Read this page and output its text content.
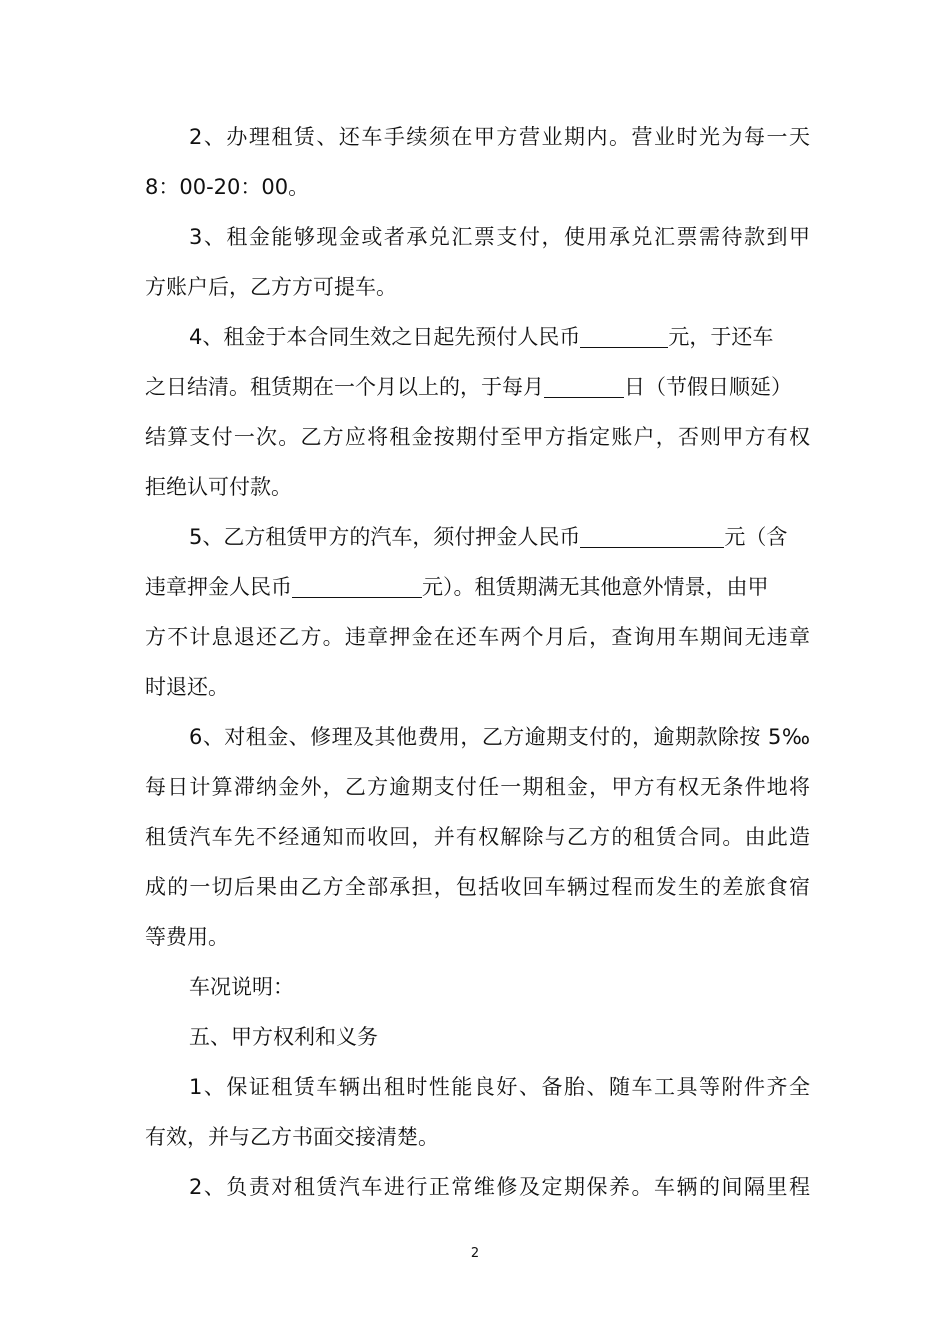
2、办理租赁、还车手续须在甲方营业期内。营业时光为每一天
8：00-20：00。
3、租金能够现金或者承兑汇票支付，使用承兑汇票需待款到甲
方账户后，乙方方可提车。
4、租金于本合同生效之日起先预付人民币	元，于还车
之日结清。租赁期在一个月以上的，于每月	日（节假日顺延）
结算支付一次。乙方应将租金按期付至甲方指定账户，否则甲方有权
拒绝认可付款。
5、乙方租赁甲方的汽车，须付押金人民币	元（含
违章押金人民币	元）。租赁期满无其他意外情景，由甲
方不计息退还乙方。违章押金在还车两个月后，查询用车期间无违章
时退还。
6、对租金、修理及其他费用，乙方逾期支付的，逾期款除按 5‰
每日计算滞纳金外，乙方逾期支付任一期租金，甲方有权无条件地将
租赁汽车先不经通知而收回，并有权解除与乙方的租赁合同。由此造
成的一切后果由乙方全部承担，包括收回车辆过程而发生的差旅食宿
等费用。
车况说明：
五、甲方权利和义务
1、保证租赁车辆出租时性能良好、备胎、随车工具等附件齐全
有效，并与乙方书面交接清楚。
2、负责对租赁汽车进行正常维修及定期保养。车辆的间隔里程
2
